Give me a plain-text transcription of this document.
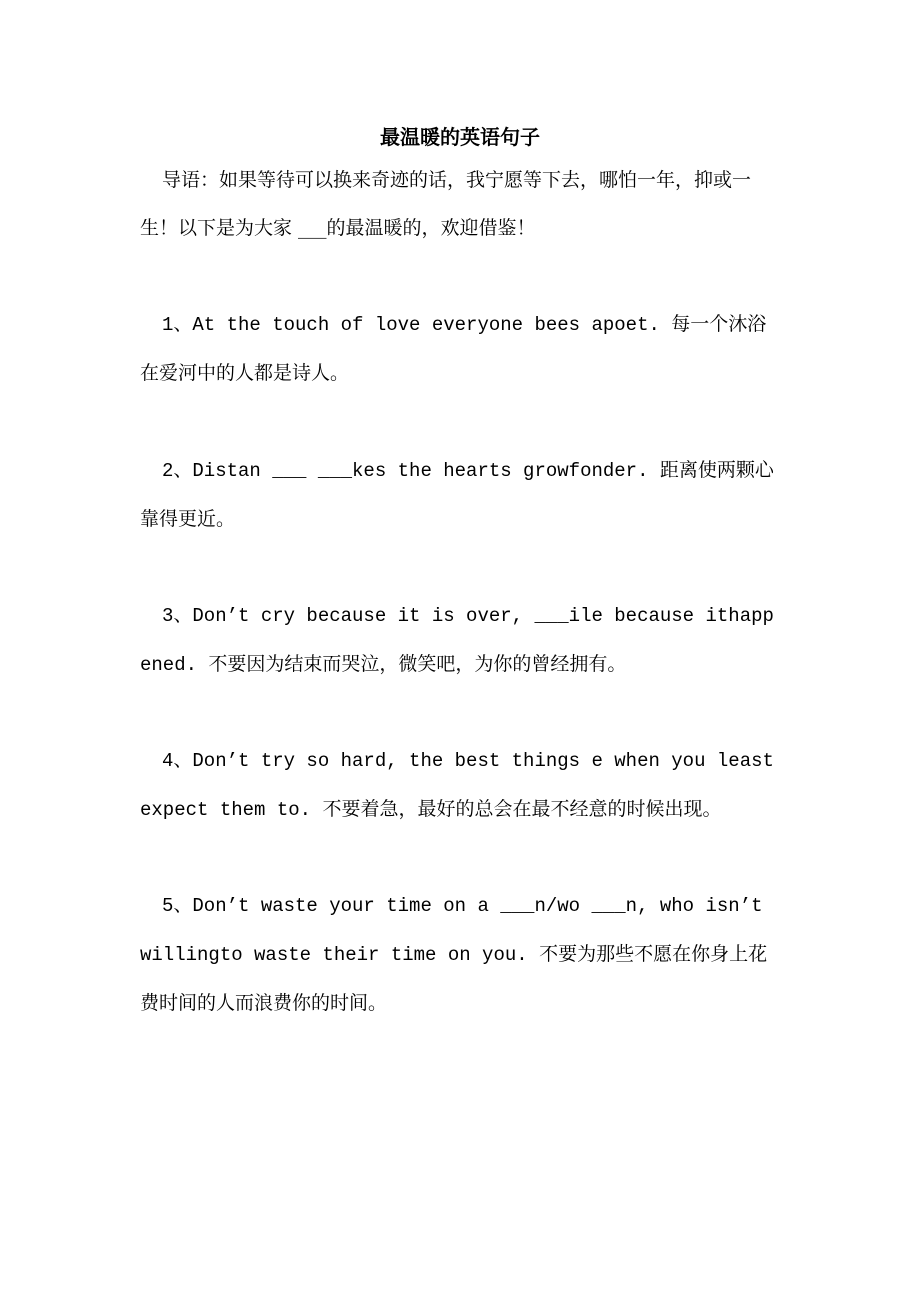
最温暖的英语句子

导语：如果等待可以换来奇迹的话，我宁愿等下去，哪怕一年，抑或一生！以下是为大家 ___的最温暖的，欢迎借鉴！

1、At the touch of love everyone bees apoet. 每一个沐浴在爱河中的人都是诗人。

2、Distan ___ ___kes the hearts growfonder. 距离使两颗心靠得更近。

3、Don’t cry because it is over, ___ile because ithappened. 不要因为结束而哭泣，微笑吧，为你的曾经拥有。

4、Don’t try so hard, the best things e when you leastexpect them to. 不要着急，最好的总会在最不经意的时候出现。

5、Don’t waste your time on a ___n/wo ___n, who isn’t willingto waste their time on you. 不要为那些不愿在你身上花费时间的人而浪费你的时间。
